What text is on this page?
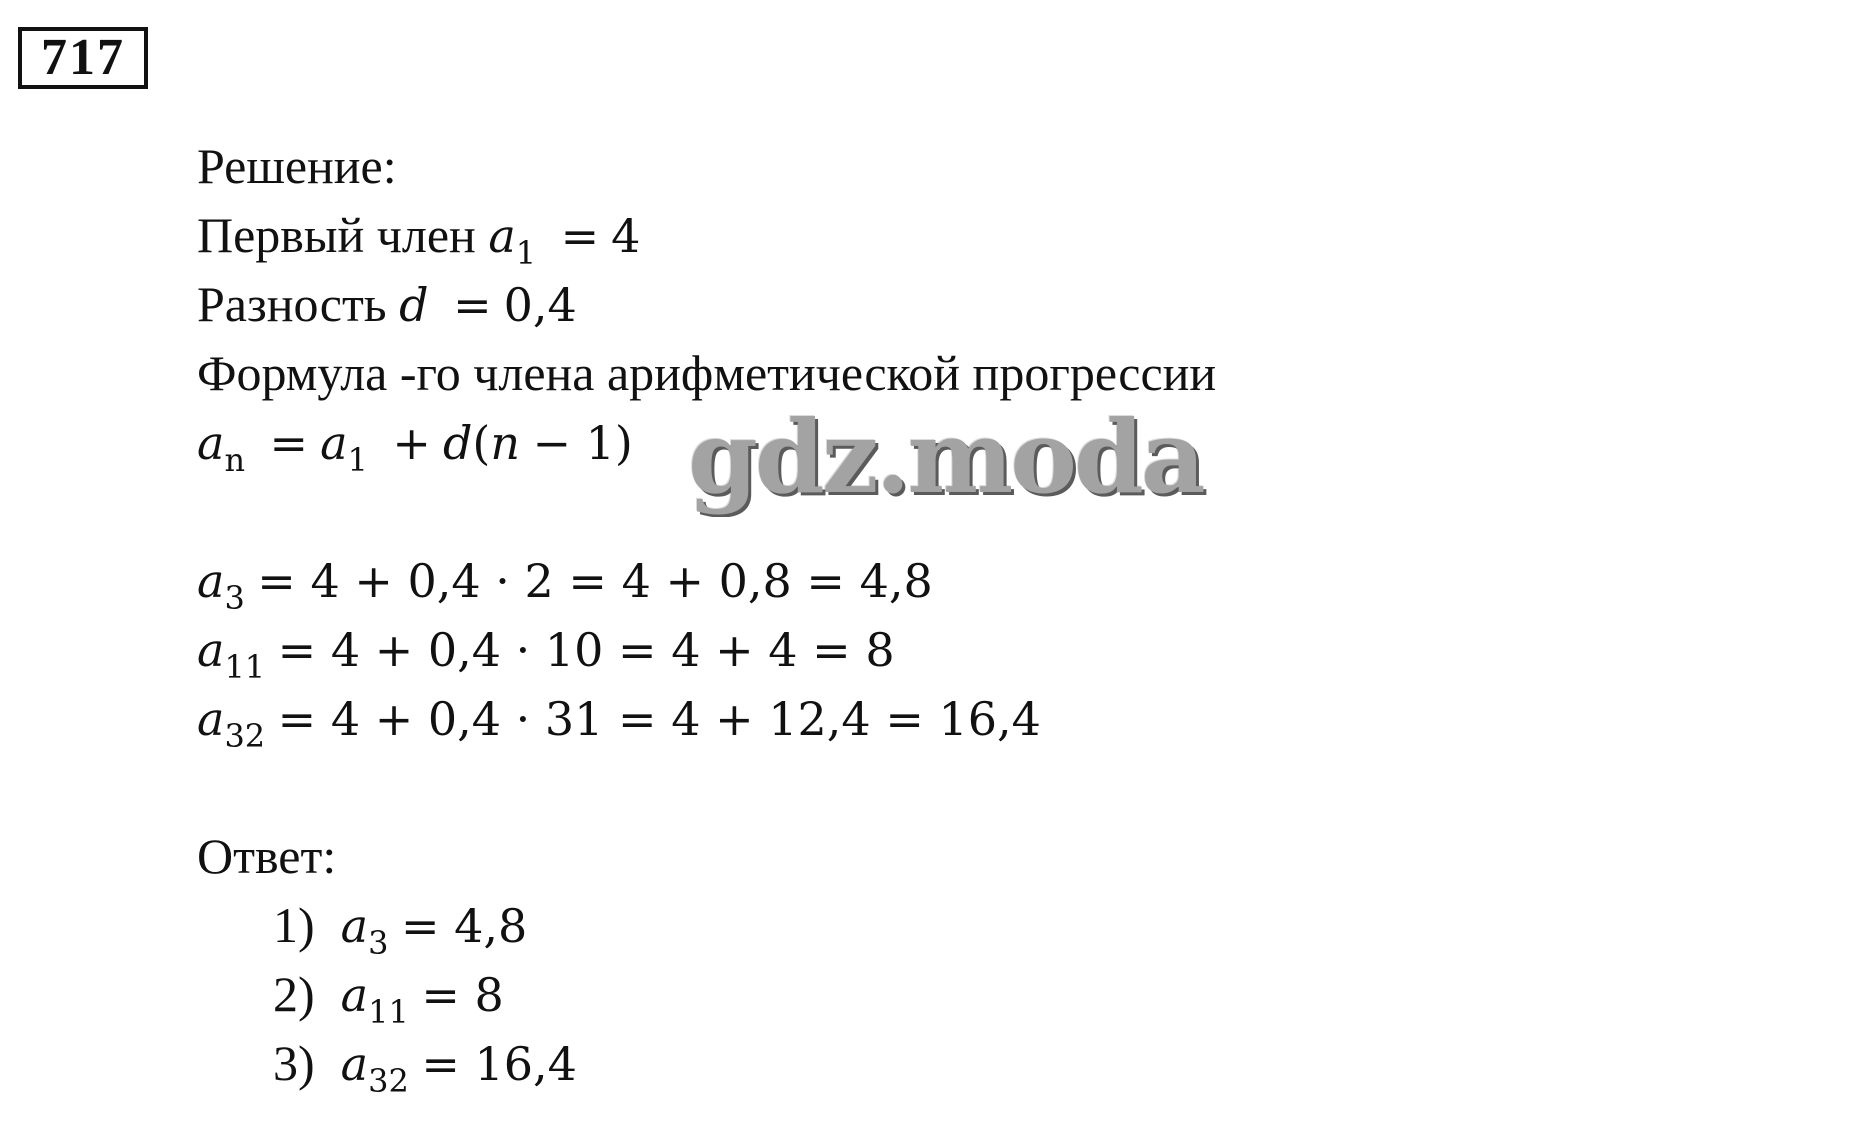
717
Решение:
Первый член $a_1 = 4$
Разность d = 0,4
Формула -го члена арифметической прогрессии
$a_n = a_1 + d(n - 1)$
$a_3 = 4 + 0,4 \cdot 2 = 4 + 0,8 = 4,8$
$a_{11} = 4 + 0,4 \cdot 10 = 4 + 4 = 8$
$a_{32} = 4 + 0,4 \cdot 31 = 4 + 12,4 = 16,4$
Ответ:
1) $a_3 = 4,8$
2) $a_{11} = 8$
3) $a_{32} = 16,4$
gdz.moda
